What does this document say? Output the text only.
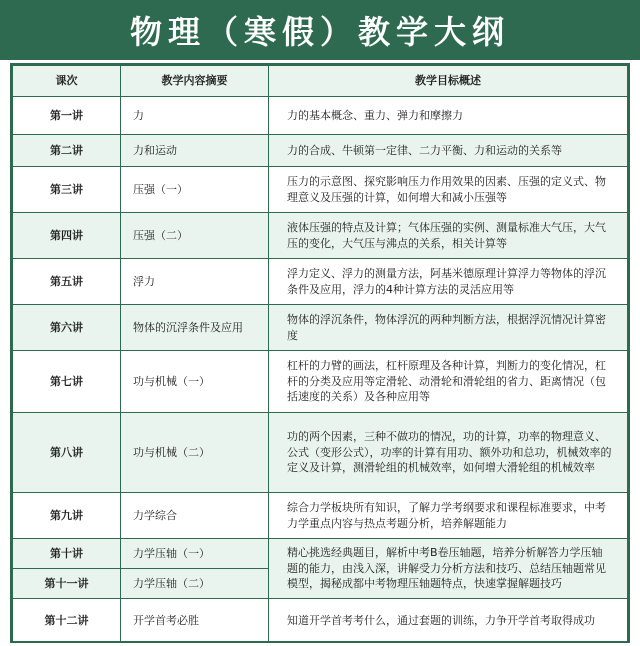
物理（寒假）教学大纲
课次	教学内容摘要	教学目标概述
第一讲	力	力的基本概念、重力、弹力和摩擦力
第二讲	力和运动	力的合成、牛顿第一定律、二力平衡、力和运动的关系等
第三讲	压强（一）	压力的示意图、探究影响压力作用效果的因素、压强的定义式、物理意义及压强的计算，如何增大和减小压强等
第四讲	压强（二）	液体压强的特点及计算；气体压强的实例、测量标准大气压，大气压的变化，大气压与沸点的关系，相关计算等
第五讲	浮力	浮力定义、浮力的测量方法，阿基米德原理计算浮力等物体的浮沉条件及应用，浮力的4种计算方法的灵活应用等
第六讲	物体的沉浮条件及应用	物体的浮沉条件，物体浮沉的两种判断方法，根据浮沉情况计算密度
第七讲	功与机械（一）	杠杆的力臂的画法，杠杆原理及各种计算，判断力的变化情况，杠杆的分类及应用等定滑轮、动滑轮和滑轮组的省力、距离情况（包括速度的关系）及各种应用等
第八讲	功与机械（二）	功的两个因素，三种不做功的情况，功的计算，功率的物理意义、公式（变形公式），功率的计算有用功、额外功和总功，机械效率的定义及计算，测滑轮组的机械效率，如何增大滑轮组的机械效率
第九讲	力学综合	综合力学板块所有知识，了解力学考纲要求和课程标准要求，中考力学重点内容与热点考题分析，培养解题能力
第十讲	力学压轴（一）	精心挑选经典题目，解析中考B卷压轴题，培养分析解答力学压轴题的能力，由浅入深，讲解受力分析方法和技巧、总结压轴题常见模型，揭秘成都中考物理压轴题特点，快速掌握解题技巧
第十一讲	力学压轴（二）	
第十二讲	开学首考必胜	知道开学首考考什么，通过套题的训练，力争开学首考取得成功
